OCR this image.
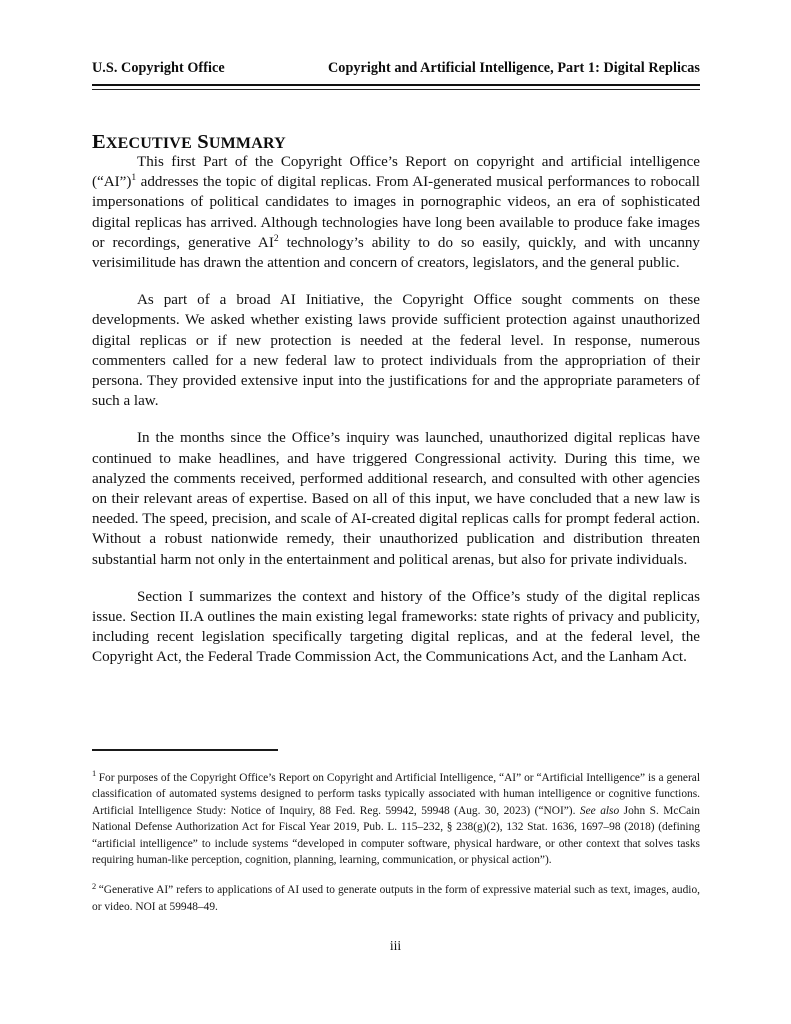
U.S. Copyright Office	Copyright and Artificial Intelligence, Part 1: Digital Replicas
EXECUTIVE SUMMARY

This first Part of the Copyright Office’s Report on copyright and artificial intelligence (“AI”)$^1$ addresses the topic of digital replicas. From AI-generated musical performances to robocall impersonations of political candidates to images in pornographic videos, an era of sophisticated digital replicas has arrived. Although technologies have long been available to produce fake images or recordings, generative AI$^2$ technology’s ability to do so easily, quickly, and with uncanny verisimilitude has drawn the attention and concern of creators, legislators, and the general public.

As part of a broad AI Initiative, the Copyright Office sought comments on these developments. We asked whether existing laws provide sufficient protection against unauthorized digital replicas or if new protection is needed at the federal level. In response, numerous commenters called for a new federal law to protect individuals from the appropriation of their persona. They provided extensive input into the justifications for and the appropriate parameters of such a law.

In the months since the Office’s inquiry was launched, unauthorized digital replicas have continued to make headlines, and have triggered Congressional activity. During this time, we analyzed the comments received, performed additional research, and consulted with other agencies on their relevant areas of expertise. Based on all of this input, we have concluded that a new law is needed. The speed, precision, and scale of AI-created digital replicas calls for prompt federal action. Without a robust nationwide remedy, their unauthorized publication and distribution threaten substantial harm not only in the entertainment and political arenas, but also for private individuals.

Section I summarizes the context and history of the Office’s study of the digital replicas issue. Section II.A outlines the main existing legal frameworks: state rights of privacy and publicity, including recent legislation specifically targeting digital replicas, and at the federal level, the Copyright Act, the Federal Trade Commission Act, the Communications Act, and the Lanham Act.

$^1$ For purposes of the Copyright Office’s Report on Copyright and Artificial Intelligence, “AI” or “Artificial Intelligence” is a general classification of automated systems designed to perform tasks typically associated with human intelligence or cognitive functions. Artificial Intelligence Study: Notice of Inquiry, 88 Fed. Reg. 59942, 59948 (Aug. 30, 2023) (“NOI”). See also John S. McCain National Defense Authorization Act for Fiscal Year 2019, Pub. L. 115–232, § 238(g)(2), 132 Stat. 1636, 1697–98 (2018) (defining “artificial intelligence” to include systems “developed in computer software, physical hardware, or other context that solves tasks requiring human-like perception, cognition, planning, learning, communication, or physical action”).

$^2$ “Generative AI” refers to applications of AI used to generate outputs in the form of expressive material such as text, images, audio, or video. NOI at 59948–49.

iii
